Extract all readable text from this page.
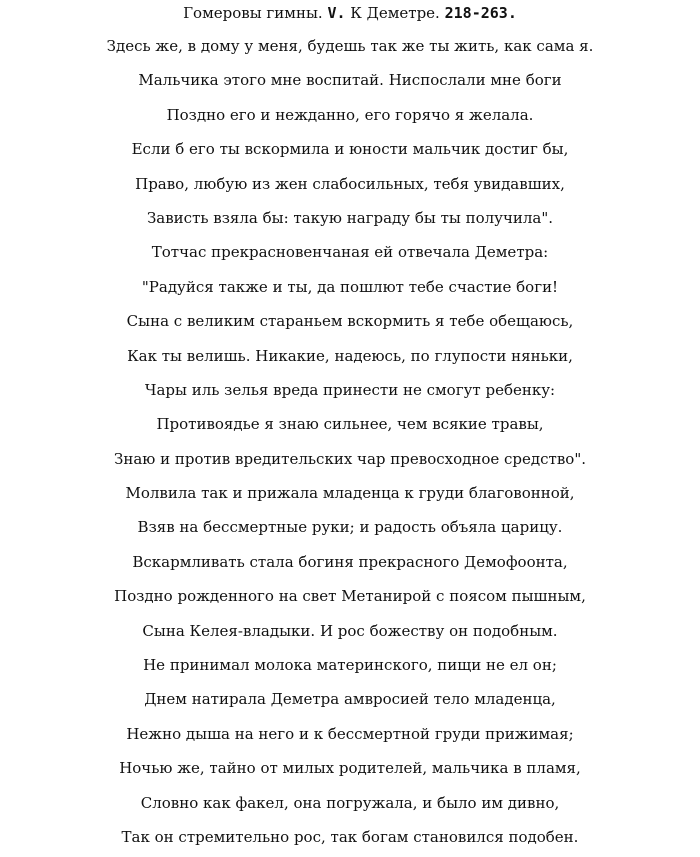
Гомеровы гимны. V. К Деметре. 218-263.
Здесь же, в дому у меня, будешь так же ты жить, как сама я.
Мальчика этого мне воспитай. Ниспослали мне боги
Поздно его и нежданно, его горячо я желала.
Если б его ты вскормила и юности мальчик достиг бы,
Право, любую из жен слабосильных, тебя увидавших,
Зависть взяла бы: такую награду бы ты получила".
Тотчас прекрасновенчаная ей отвечала Деметра:
"Радуйся также и ты, да пошлют тебе счастие боги!
Сына с великим стараньем вскормить я тебе обещаюсь,
Как ты велишь. Никакие, надеюсь, по глупости няньки,
Чары иль зелья вреда принести не смогут ребенку:
Противоядье я знаю сильнее, чем всякие травы,
Знаю и против вредительских чар превосходное средство".
Молвила так и прижала младенца к груди благовонной,
Взяв на бессмертные руки; и радость объяла царицу.
Вскармливать стала богиня прекрасного Демофоонта,
Поздно рожденного на свет Метанирой с поясом пышным,
Сына Келея-владыки. И рос божеству он подобным.
Не принимал молока материнского, пищи не ел он;
Днем натирала Деметра амвросией тело младенца,
Нежно дыша на него и к бессмертной груди прижимая;
Ночью же, тайно от милых родителей, мальчика в пламя,
Словно как факел, она погружала, и было им дивно,
Так он стремительно рос, так богам становился подобен.
